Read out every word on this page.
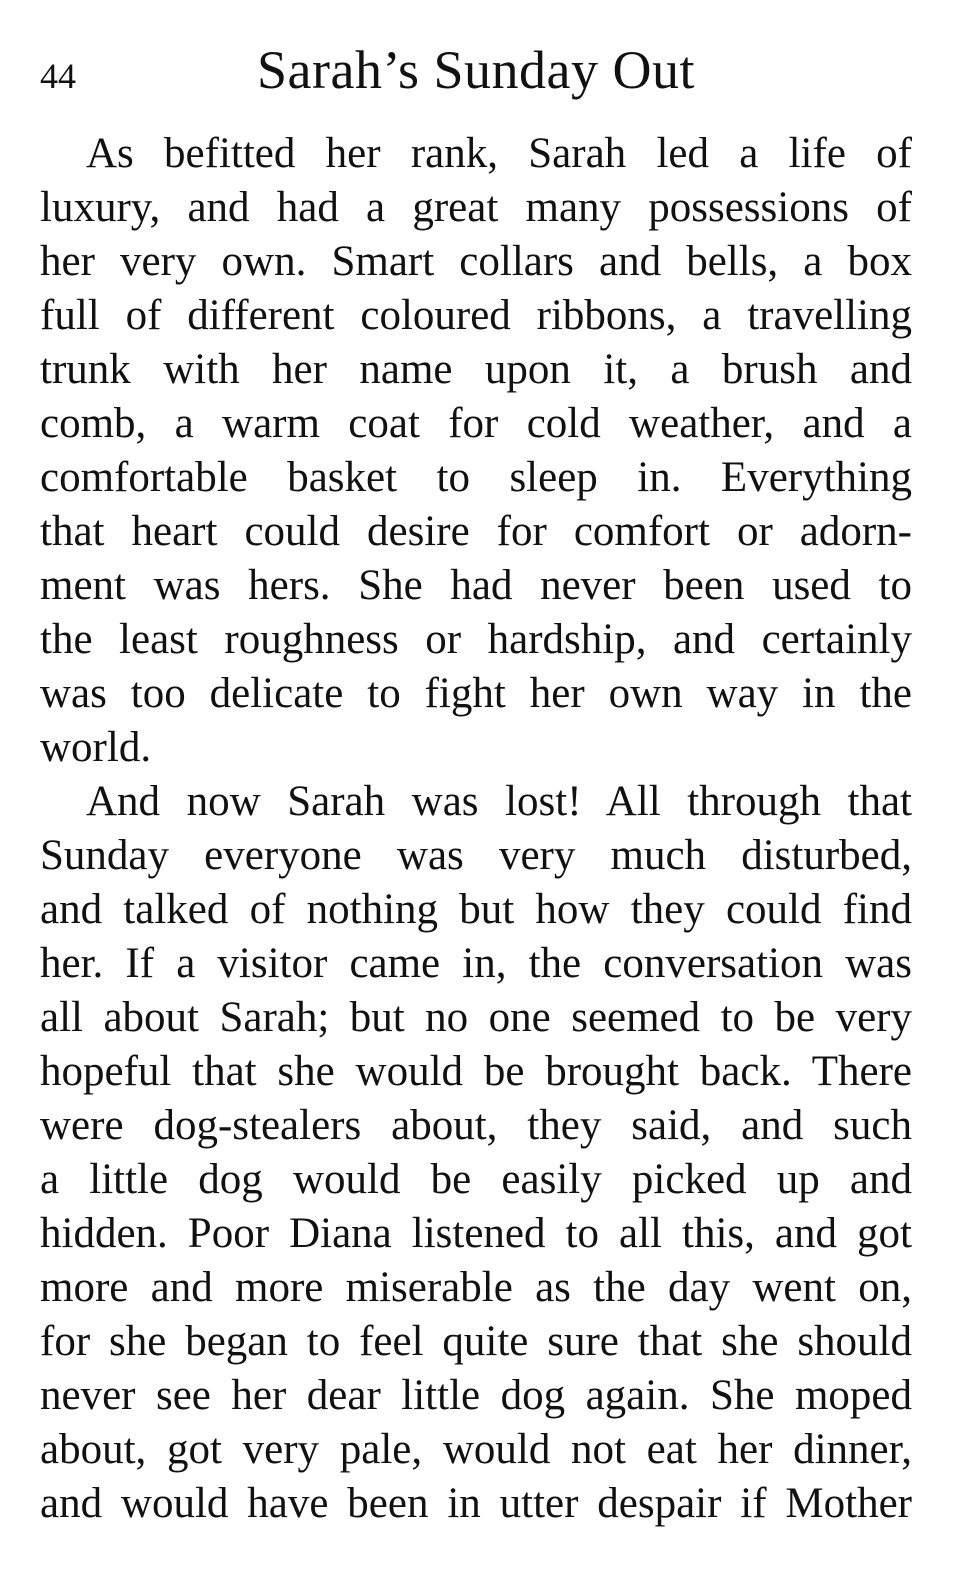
44	Sarah’s Sunday Out

As befitted her rank, Sarah led a life of
luxury, and had a great many possessions of
her very own. Smart collars and bells, a box
full of different coloured ribbons, a travelling
trunk with her name upon it, a brush and
comb, a warm coat for cold weather, and a
comfortable basket to sleep in. Everything
that heart could desire for comfort or adorn-
ment was hers. She had never been used to
the least roughness or hardship, and certainly
was too delicate to fight her own way in the
world.

And now Sarah was lost! All through that
Sunday everyone was very much disturbed,
and talked of nothing but how they could find
her. If a visitor came in, the conversation was
all about Sarah; but no one seemed to be very
hopeful that she would be brought back. There
were dog-stealers about, they said, and such
a little dog would be easily picked up and
hidden. Poor Diana listened to all this, and got
more and more miserable as the day went on,
for she began to feel quite sure that she should
never see her dear little dog again. She moped
about, got very pale, would not eat her dinner,
and would have been in utter despair if Mother
